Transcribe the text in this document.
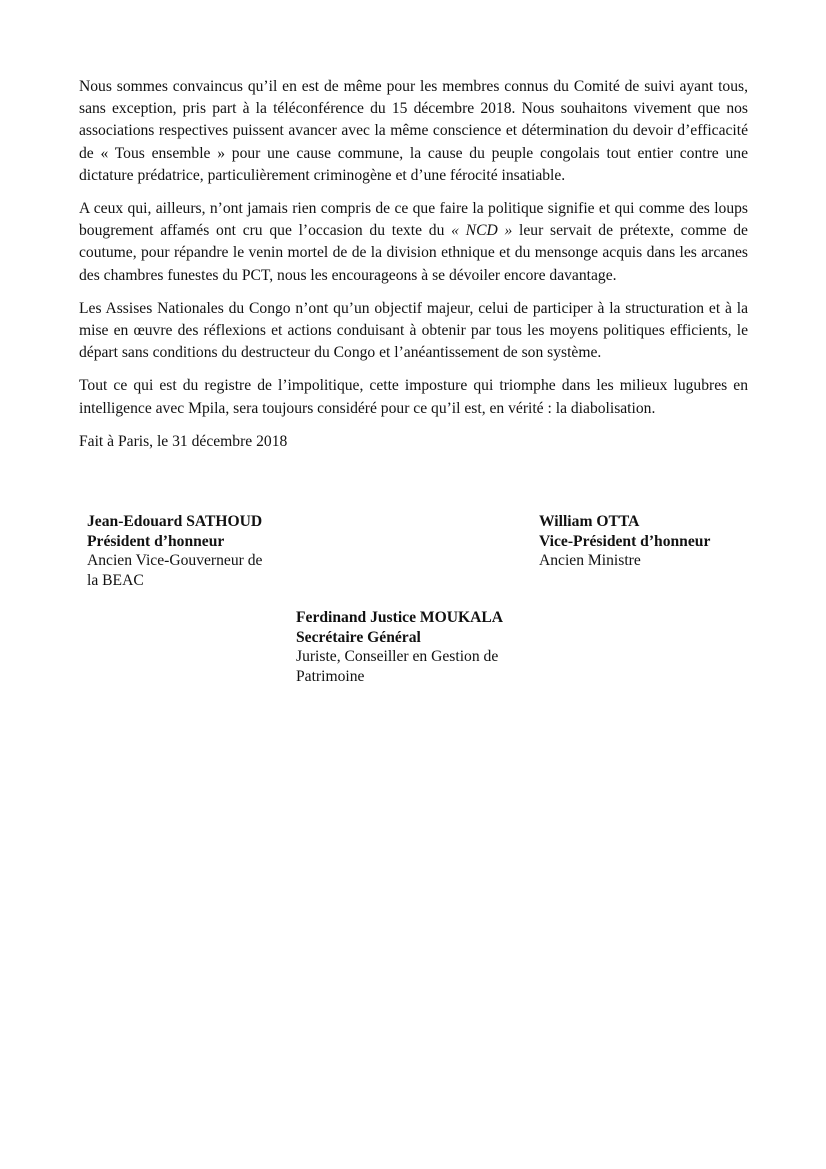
Nous sommes convaincus qu’il en est de même pour les membres connus du Comité de suivi ayant tous, sans exception, pris part à la téléconférence du 15 décembre 2018. Nous souhaitons vivement que nos associations respectives puissent avancer avec la même conscience et détermination du devoir d’efficacité de « Tous ensemble » pour une cause commune, la cause du peuple congolais tout entier contre une dictature prédatrice, particulièrement criminogène et d’une férocité insatiable.

A ceux qui, ailleurs, n’ont jamais rien compris de ce que faire la politique signifie et qui comme des loups bougrement affamés ont cru que l’occasion du texte du « NCD » leur servait de prétexte, comme de coutume, pour répandre le venin mortel de de la division ethnique et du mensonge acquis dans les arcanes des chambres funestes du PCT, nous les encourageons à se dévoiler encore davantage.

Les Assises Nationales du Congo n’ont qu’un objectif majeur, celui de participer à la structuration et à la mise en œuvre des réflexions et actions conduisant à obtenir par tous les moyens politiques efficients, le départ sans conditions du destructeur du Congo et l’anéantissement de son système.

Tout ce qui est du registre de l’impolitique, cette imposture qui triomphe dans les milieux lugubres en intelligence avec Mpila, sera toujours considéré pour ce qu’il est, en vérité : la diabolisation.

Fait à Paris, le 31 décembre 2018

Jean-Edouard SATHOUD
Président d’honneur
Ancien Vice-Gouverneur de
la BEAC
William OTTA
Vice-Président d’honneur
Ancien Ministre
Ferdinand Justice MOUKALA
Secrétaire Général
Juriste, Conseiller en Gestion de
Patrimoine
